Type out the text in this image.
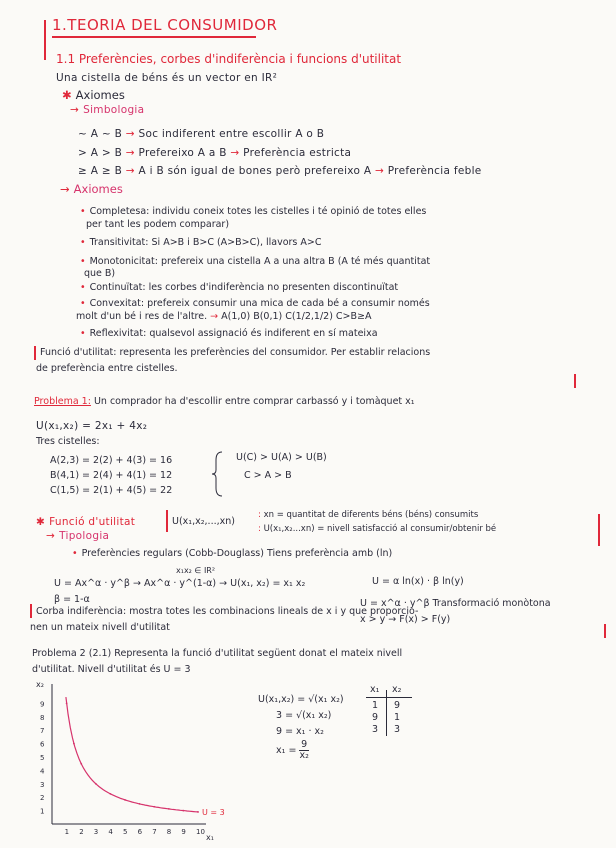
1.TEORIA DEL CONSUMIDOR
1.1 Preferències, corbes d'indiferència i funcions d'utilitat
Una cistella de béns és un vector en IR²
✱ Axiomes
→ Simbologia
~ A ~ B → Soc indiferent entre escollir A o B
> A > B → Prefereixo A a B → Preferència estricta
≥ A ≥ B → A i B són igual de bones però prefereixo A → Preferència feble
→ Axiomes
• Completesa: individu coneix totes les cistelles i té opinió de totes elles
per tant les podem comparar)
• Transitivitat: Si A>B i B>C (A>B>C), llavors A>C
• Monotonicitat: prefereix una cistella A a una altra B (A té més quantitat
que B)
• Continuïtat: les corbes d'indiferència no presenten discontinuïtat
• Convexitat: prefereix consumir una mica de cada bé a consumir només
molt d'un bé i res de l'altre. → A(1,0) B(0,1) C(1/2,1/2) C>B≥A
• Reflexivitat: qualsevol assignació és indiferent en sí mateixa
Funció d'utilitat: representa les preferències del consumidor. Per establir relacions
de preferència entre cistelles.
Problema 1: Un comprador ha d'escollir entre comprar carbassó y i tomàquet x₁
U(x₁,x₂) = 2x₁ + 4x₂
Tres cistelles:
A(2,3) = 2(2) + 4(3) = 16
B(4,1) = 2(4) + 4(1) = 12
C(1,5) = 2(1) + 4(5) = 22
U(C) > U(A) > U(B)
C > A > B
✱ Funció d'utilitat	U(x₁,x₂,...,xn)
: xn = quantitat de diferents béns (béns) consumits
: U(x₁,x₂...xn) = nivell satisfacció al consumir/obtenir bé
→ Tipologia
• Preferències regulars (Cobb-Douglass) Tiens preferència amb (ln)
x₁x₂ ∈ IR²
U = Ax^α · y^β → Ax^α · y^(1-α) → U(x₁, x₂) = x₁ x₂
β = 1-α
U = α ln(x) · β ln(y)
U = x^α · y^β Transformació monòtona
x > y → F(x) > F(y)
Corba indiferència: mostra totes les combinacions lineals de x i y que proporcio-
nen un mateix nivell d'utilitat
Problema 2 (2.1) Representa la funció d'utilitat següent donat el mateix nivell
d'utilitat. Nivell d'utilitat és U = 3
U(x₁,x₂) = √(x₁ x₂)
3 = √(x₁ x₂)
9 = x₁ · x₂
$x_1 = \frac{9}{\text{x₂}}$
x₁ x₂
1 9
9 1
3 3
x₂
x₁
1 2 3 4 5 6 7 8 9 10
1
2
3
4
5
6
7
8
9
U = 3
